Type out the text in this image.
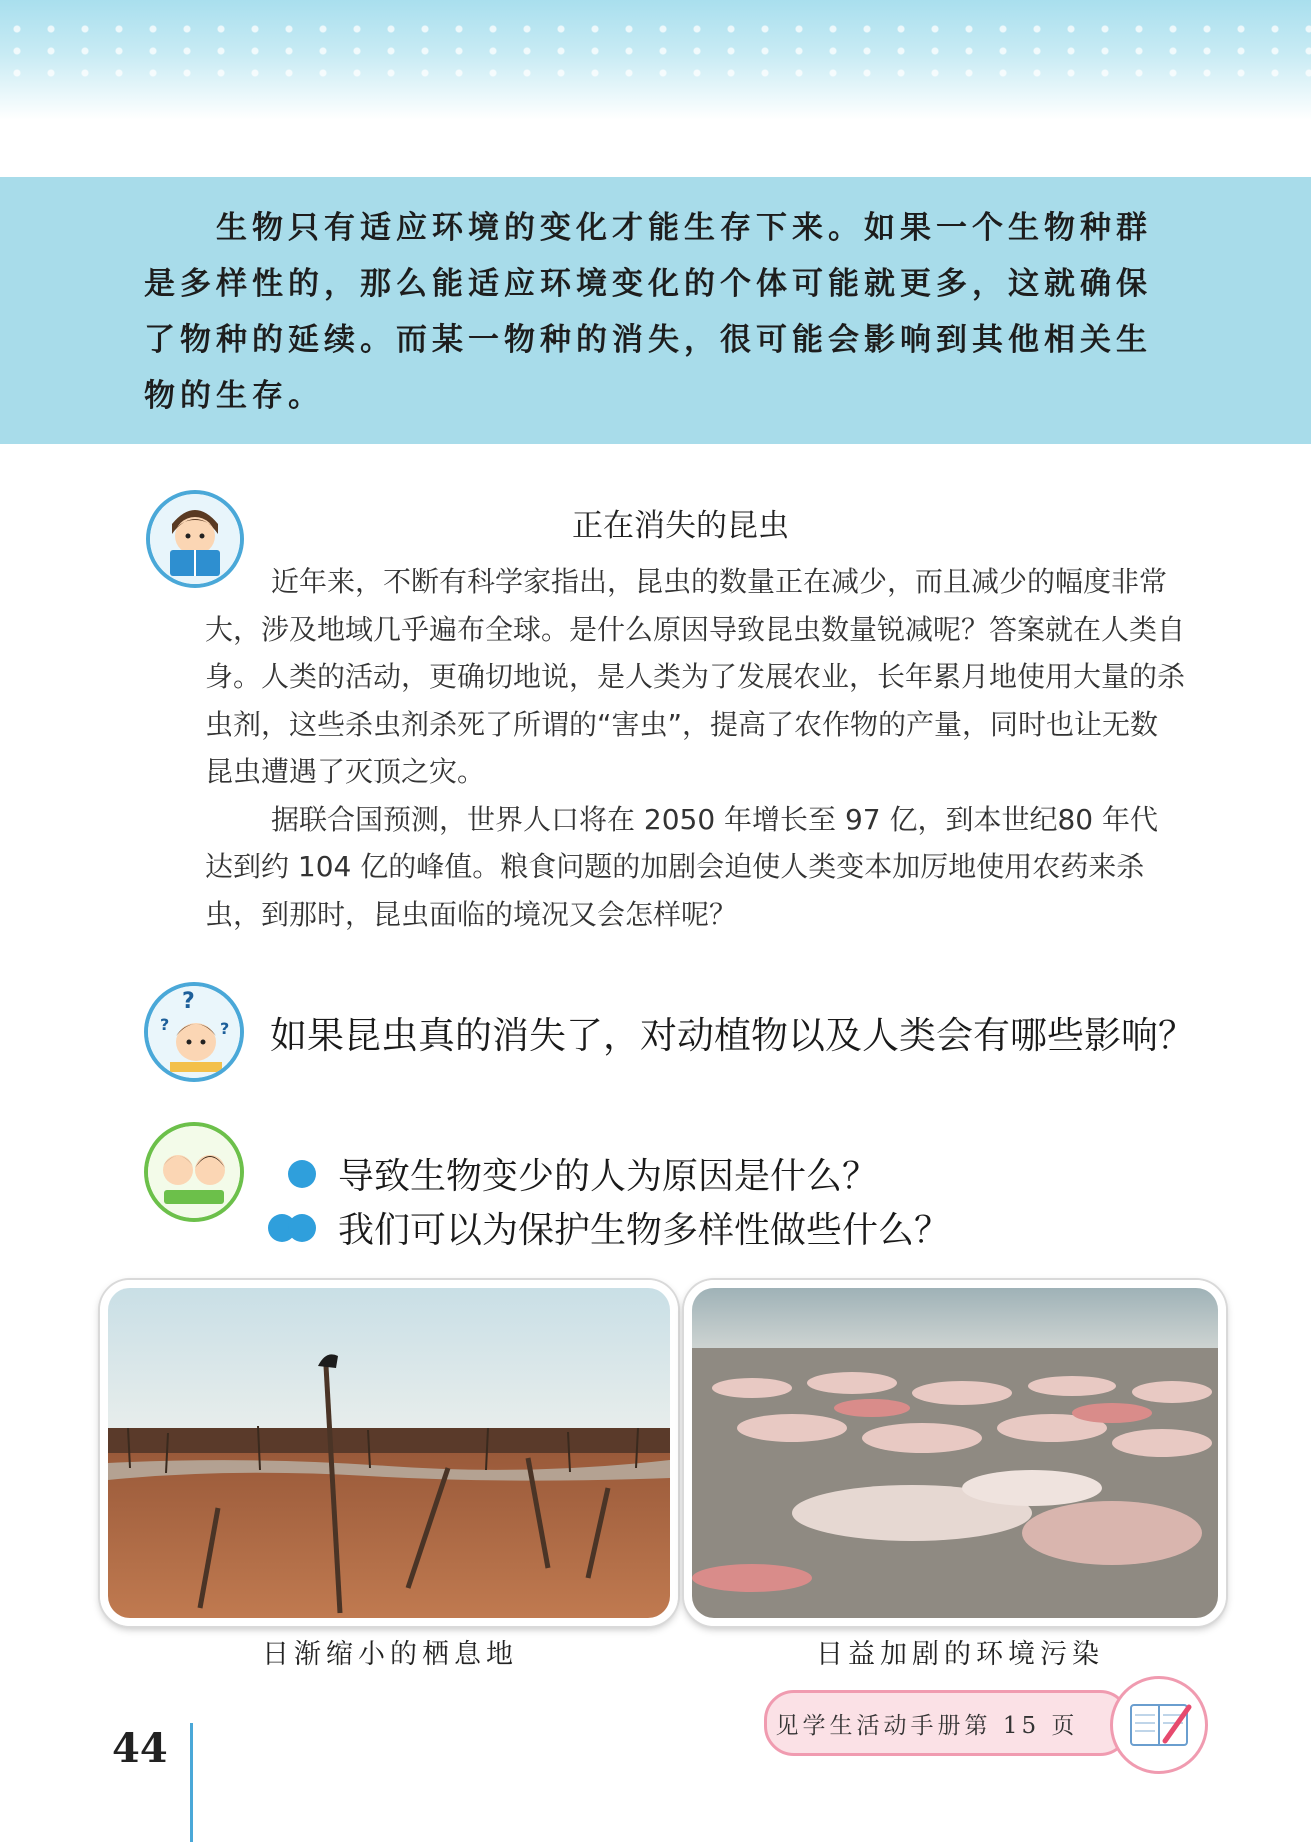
生物只有适应环境的变化才能生存下来。如果一个生物种群是多样性的，那么能适应环境变化的个体可能就更多，这就确保了物种的延续。而某一物种的消失，很可能会影响到其他相关生物的生存。

正在消失的昆虫

近年来，不断有科学家指出，昆虫的数量正在减少，而且减少的幅度非常大，涉及地域几乎遍布全球。是什么原因导致昆虫数量锐减呢？答案就在人类自身。人类的活动，更确切地说，是人类为了发展农业，长年累月地使用大量的杀虫剂，这些杀虫剂杀死了所谓的“害虫”，提高了农作物的产量，同时也让无数昆虫遭遇了灭顶之灾。

据联合国预测，世界人口将在 2050 年增长至 97 亿，到本世纪80 年代达到约 104 亿的峰值。粮食问题的加剧会迫使人类变本加厉地使用农药来杀虫，到那时，昆虫面临的境况又会怎样呢？

?
?	? 如果昆虫真的消失了，对动植物以及人类会有哪些影响？

导致生物变少的人为原因是什么？
我们可以为保护生物多样性做些什么？
日渐缩小的栖息地	日益加剧的环境污染
见学生活动手册第 15 页
44
